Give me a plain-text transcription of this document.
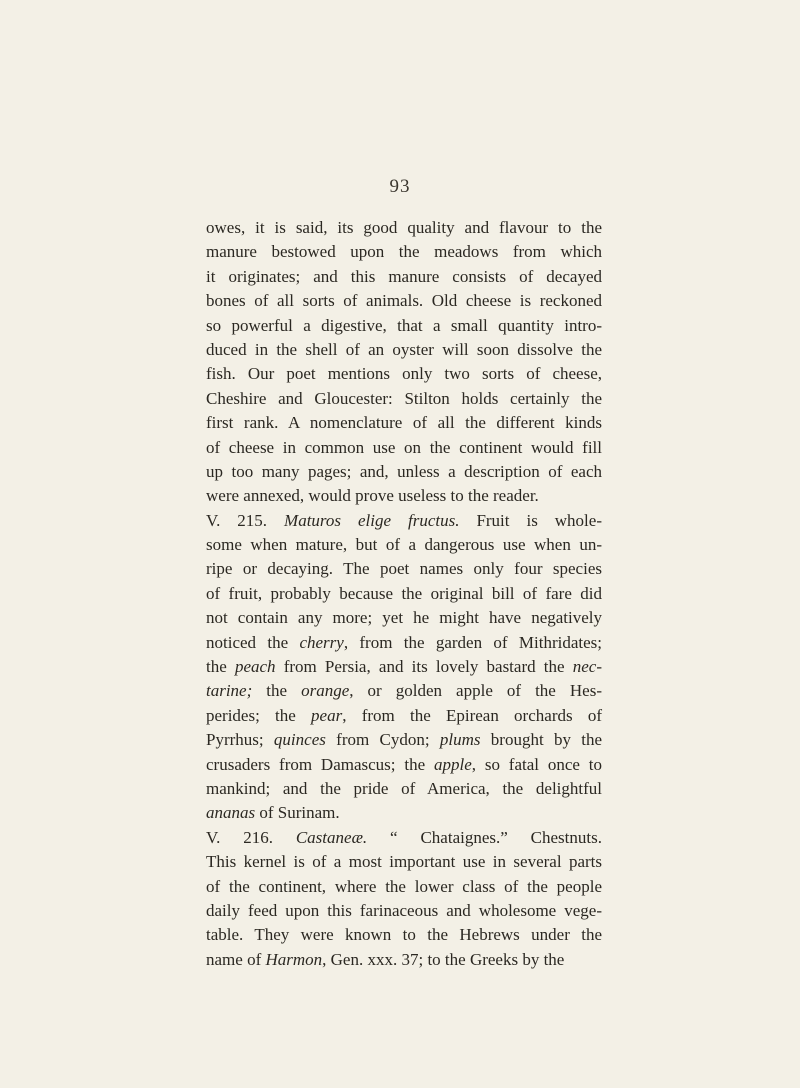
93
owes, it is said, its good quality and flavour to the
manure bestowed upon the meadows from which
it originates; and this manure consists of decayed
bones of all sorts of animals. Old cheese is reckoned
so powerful a digestive, that a small quantity intro-
duced in the shell of an oyster will soon dissolve the
fish. Our poet mentions only two sorts of cheese,
Cheshire and Gloucester: Stilton holds certainly the
first rank. A nomenclature of all the different kinds
of cheese in common use on the continent would fill
up too many pages; and, unless a description of each
were annexed, would prove useless to the reader.
V. 215. Maturos elige fructus. Fruit is whole-
some when mature, but of a dangerous use when un-
ripe or decaying. The poet names only four species
of fruit, probably because the original bill of fare did
not contain any more; yet he might have negatively
noticed the cherry, from the garden of Mithridates;
the peach from Persia, and its lovely bastard the nec-
tarine; the orange, or golden apple of the Hes-
perides; the pear, from the Epirean orchards of
Pyrrhus; quinces from Cydon; plums brought by the
crusaders from Damascus; the apple, so fatal once to
mankind; and the pride of America, the delightful
ananas of Surinam.
V. 216. Castaneæ. “ Chataignes.” Chestnuts.
This kernel is of a most important use in several parts
of the continent, where the lower class of the people
daily feed upon this farinaceous and wholesome vege-
table. They were known to the Hebrews under the
name of Harmon, Gen. xxx. 37; to the Greeks by the
